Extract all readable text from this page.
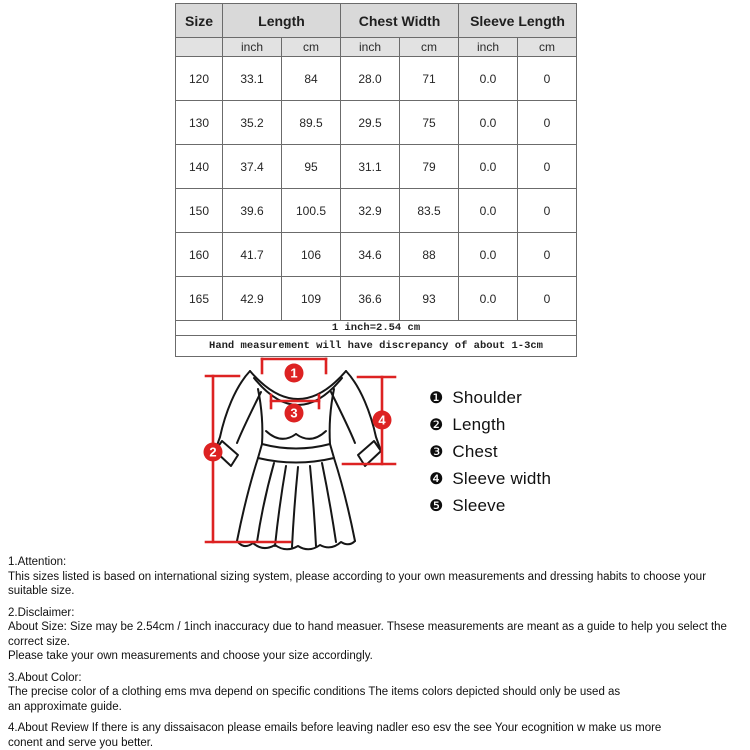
Size	Length		Chest Width		Sleeve Length	
	inch	cm	inch	cm	inch	cm
120	33.1	84	28.0	71	0.0	0
130	35.2	89.5	29.5	75	0.0	0
140	37.4	95	31.1	79	0.0	0
150	39.6	100.5	32.9	83.5	0.0	0
160	41.7	106	34.6	88	0.0	0
165	42.9	109	36.6	93	0.0	0
1 inch=2.54 cm						
Hand measurement will have discrepancy of about 1-3cm						
1
2
3	4
❶ Shoulder
❷ Length
❸ Chest
❹ Sleeve width
❺ Sleeve
1.Attention:
This sizes listed is based on international sizing system, please according to your own measurements and dressing habits to choose your suitable size.
2.Disclaimer:
About Size: Size may be 2.54cm / 1inch inaccuracy due to hand measuer. Thsese measurements are meant as a guide to help you select the correct size.
Please take your own measurements and choose your size accordingly.
3.About Color:
The precise color of a clothing ems mva depend on specific conditions The items colors depicted should only be used as
an approximate guide.
4.About Review If there is any dissaisacon please emails before leaving nadler eso esv the see Your ecognition w make us more
conent and serve you better.
